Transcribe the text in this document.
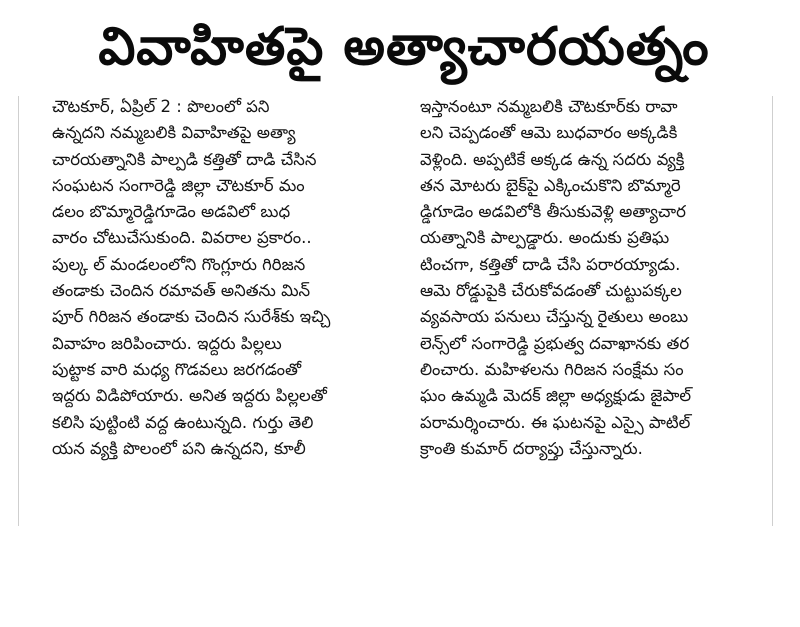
వివాహితపై అత్యాచారయత్నం
చౌటకూర్, ఏప్రిల్ 2 : పొలంలో పని
ఉన్నదని నమ్మబలికి వివాహితపై అత్యా
చారయత్నానికి పాల్పడి కత్తితో దాడి చేసిన
సంఘటన సంగారెడ్డి జిల్లా చౌటకూర్ మం
డలం బొమ్మారెడ్డిగూడెం అడవిలో బుధ
వారం చోటుచేసుకుంది. వివరాల ప్రకారం..
పుల్క ల్ మండలంలోని గొంగ్లూరు గిరిజన
తండాకు చెందిన రమావత్ అనితను మిన్
పూర్ గిరిజన తండాకు చెందిన సురేశ్‌కు ఇచ్చి
వివాహం జరిపించారు. ఇద్దరు పిల్లలు
పుట్టాక వారి మధ్య గొడవలు జరగడంతో
ఇద్దరు విడిపోయారు. అనిత ఇద్దరు పిల్లలతో
కలిసి పుట్టింటి వద్ద ఉంటున్నది. గుర్తు తెలి
యన వ్యక్తి పొలంలో పని ఉన్నదని, కూలీ
ఇస్తానంటూ నమ్మబలికి చౌటకూర్‌కు రావా
లని చెప్పడంతో ఆమె బుధవారం అక్కడికి
వెళ్లింది. అప్పటికే అక్కడ ఉన్న సదరు వ్యక్తి
తన మోటరు బైక్‌పై ఎక్కించుకొని బొమ్మారె
డ్డిగూడెం అడవిలోకి తీసుకువెళ్లి అత్యాచార
యత్నానికి పాల్పడ్డారు. అందుకు ప్రతిఘ
టించగా, కత్తితో దాడి చేసి పరారయ్యాడు.
ఆమె రోడ్డుపైకి చేరుకోవడంతో చుట్టుపక్కల
వ్యవసాయ పనులు చేస్తున్న రైతులు అంబు
లెన్స్‌లో సంగారెడ్డి ప్రభుత్వ దవాఖానకు తర
లించారు. మహిళలను గిరిజన సంక్షేమ సం
ఘం ఉమ్మడి మెదక్ జిల్లా అధ్యక్షుడు జైపాల్
పరామర్శించారు. ఈ ఘటనపై ఎస్సై పాటిల్
క్రాంతి కుమార్ దర్యాప్తు చేస్తున్నారు.
